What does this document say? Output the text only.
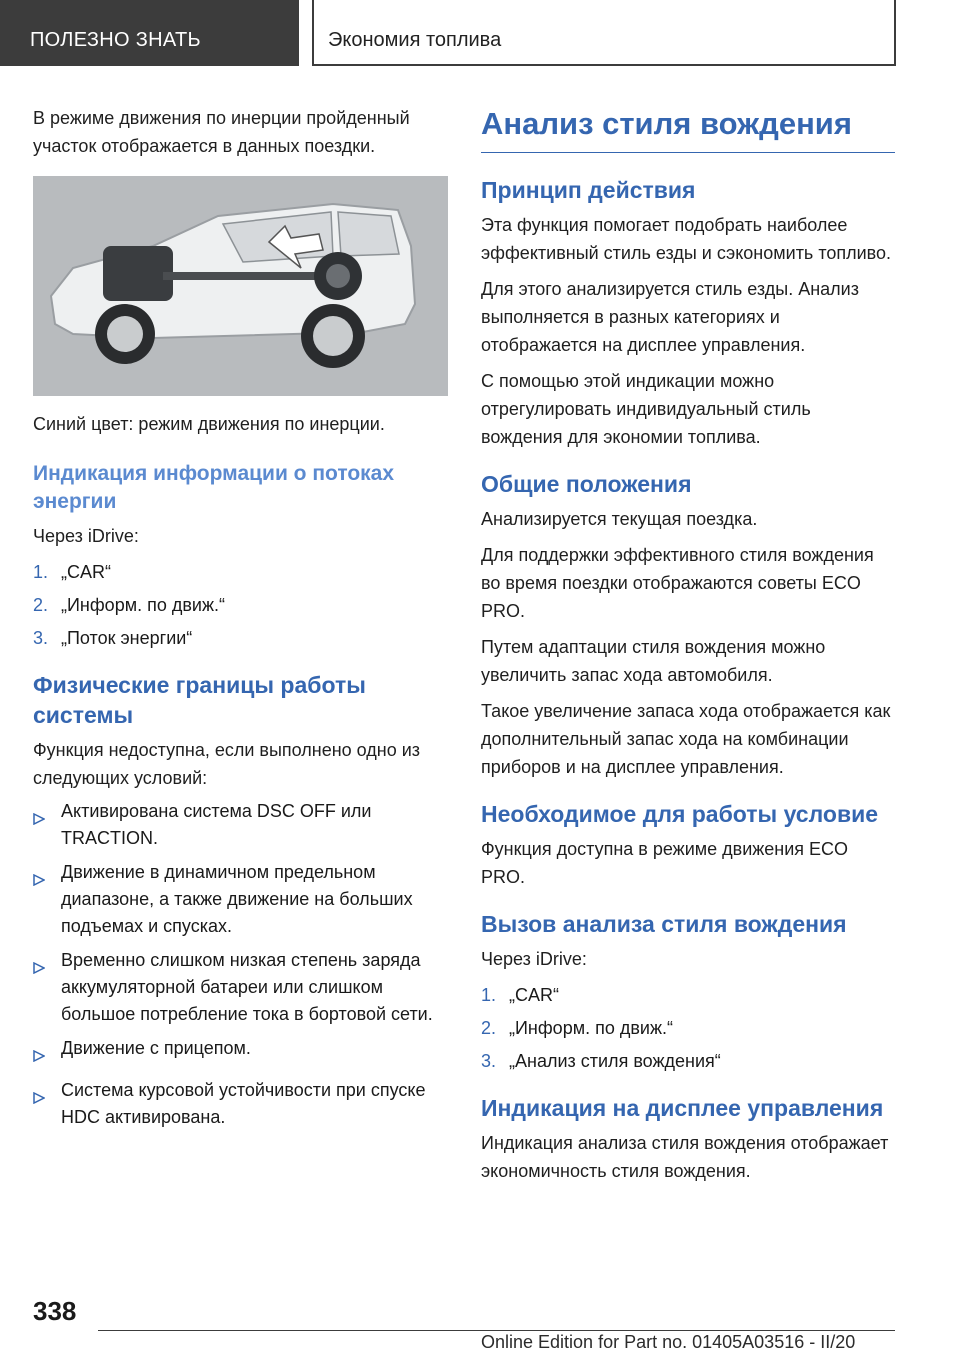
ПОЛЕЗНО ЗНАТЬ	Экономия топлива

В режиме движения по инерции пройденный участок отображается в данных поездки.

Синий цвет: режим движения по инерции.

Индикация информации о потоках энергии

Через iDrive:

1. „CAR“
2. „Информ. по движ.“
3. „Поток энергии“
Физические границы работы системы

Функция недоступна, если выполнено одно из следующих условий:

Активирована система DSC OFF или TRACTION.
Движение в динамичном предельном диапазоне, а также движение на больших подъемах и спусках.
Временно слишком низкая степень заряда аккумуляторной батареи или слишком большое потребление тока в бортовой сети.
Движение с прицепом.
Система курсовой устойчивости при спуске HDC активирована.
Анализ стиля вождения
Принцип действия

Эта функция помогает подобрать наиболее эффективный стиль езды и сэкономить топливо.

Для этого анализируется стиль езды. Анализ выполняется в разных категориях и отображается на дисплее управления.

С помощью этой индикации можно отрегулировать индивидуальный стиль вождения для экономии топлива.

Общие положения

Анализируется текущая поездка.

Для поддержки эффективного стиля вождения во время поездки отображаются советы ECO PRO.

Путем адаптации стиля вождения можно увеличить запас хода автомобиля.

Такое увеличение запаса хода отображается как дополнительный запас хода на комбинации приборов и на дисплее управления.

Необходимое для работы условие

Функция доступна в режиме движения ECO PRO.

Вызов анализа стиля вождения

Через iDrive:

1. „CAR“
2. „Информ. по движ.“
3. „Анализ стиля вождения“
Индикация на дисплее управления

Индикация анализа стиля вождения отображает экономичность стиля вождения.

338
Online Edition for Part no. 01405A03516 - II/20
